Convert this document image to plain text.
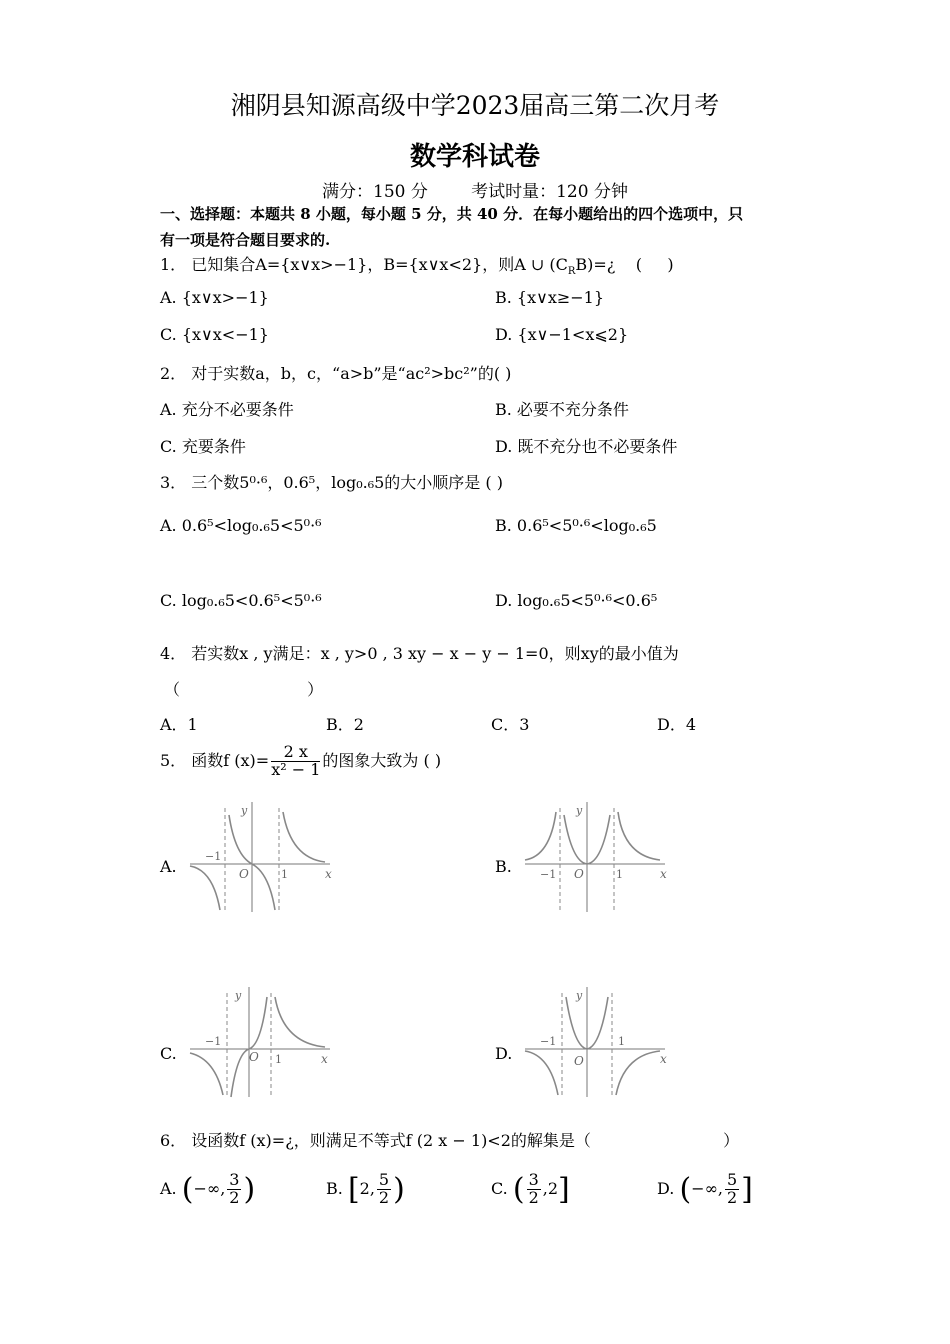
湘阴县知源高级中学2023届高三第二次月考
数学科试卷
满分：150 分        考试时量：120 分钟
一、选择题：本题共 8 小题，每小题 5 分，共 40 分．在每小题给出的四个选项中，只
有一项是符合题目要求的.
1． 已知集合A={x∨x>−1}，B={x∨x<2}，则A ∪ $(C_RB)=¿$    (     )
A. {x∨x>−1}	B. {x∨x≥−1}
C. {x∨x<−1}	D. {x∨−1<x⩽2}
2． 对于实数a，b，c，“a>b”是“ac²>bc²”的( )
A. 充分不必要条件	B. 必要不充分条件
C. 充要条件	D. 既不充分也不必要条件
3． 三个数5⁰·⁶，0.6⁵，log₀.₆5的大小顺序是 ( )
A. 0.6⁵<log₀.₆5<5⁰·⁶	B. 0.6⁵<5⁰·⁶<log₀.₆5
C. log₀.₆5<0.6⁵<5⁰·⁶	D. log₀.₆5<5⁰·⁶<0.6⁵
4． 若实数x , y满足：x , y>0 , 3 xy − x − y − 1=0，则xy的最小值为
（                         ）
A．1	B．2	C．3	D．4
5． 函数f $(x)= \frac{2 x}{\text{x² − 1}}$ 的图象大致为 ( )
A.	B.
C.	D.
y
x
O
−1
1
y
x
O
−1	1
y
x
O
−1
1
y
x
O
−1	1
6． 设函数f (x)=¿，则满足不等式f (2 x − 1)<2的解集是（                          ）
A. (−∞, $\frac{3}{2}$ )	B. [2, $\frac{5}{2}$ )	C. ( $\frac{3}{2} ,2$]	D. (−∞, $\frac{5}{2}$ ]
